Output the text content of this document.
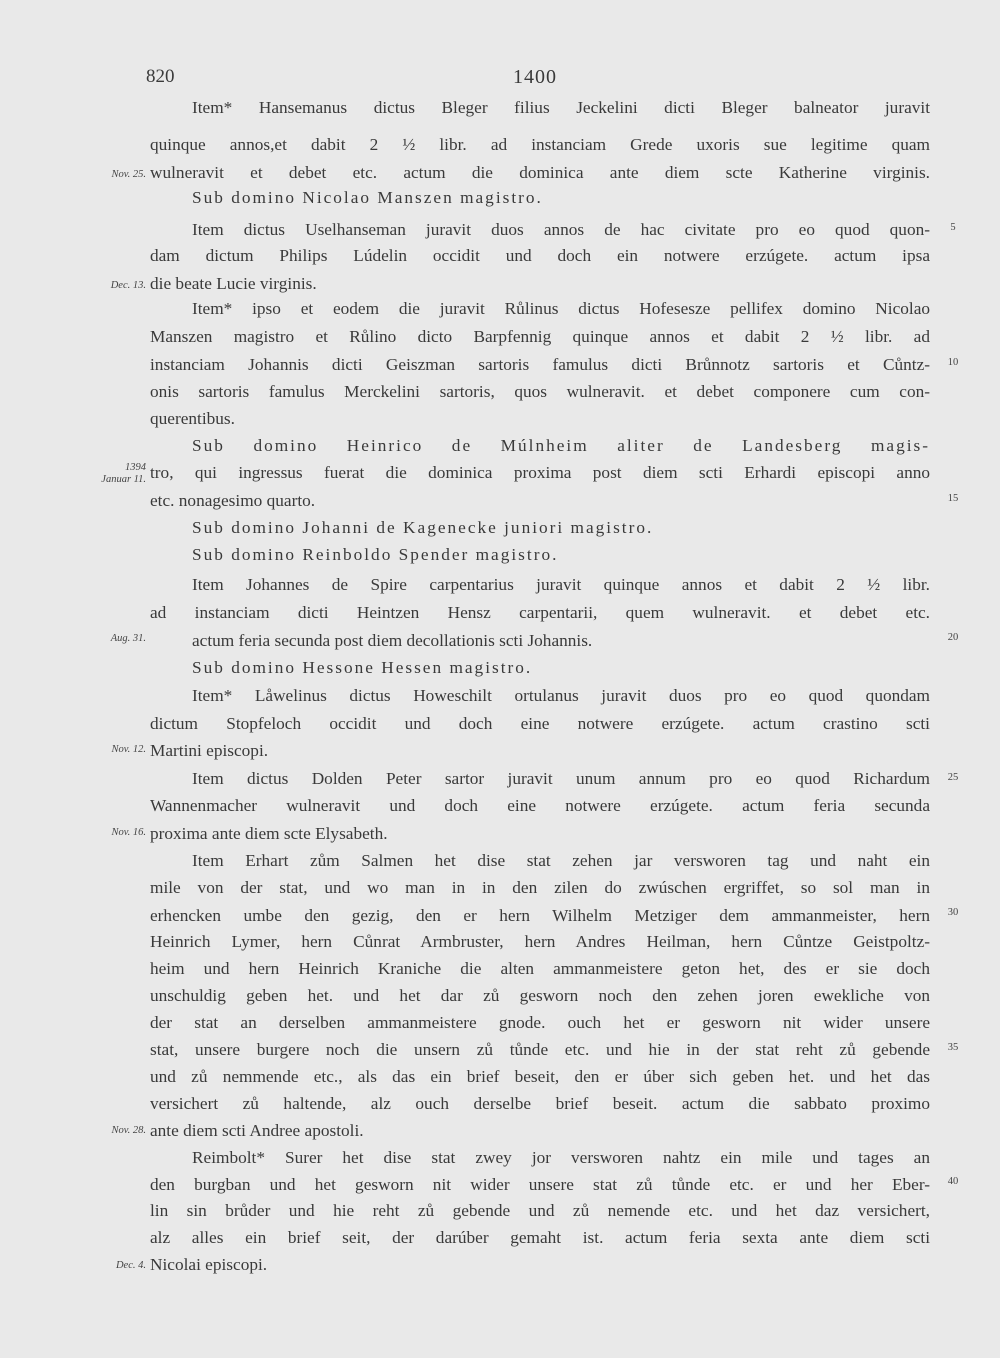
820	1400
Item* Hansemanus dictus Bleger filius Jeckelini dicti Bleger balneator juravit
quinque annos,et dabit 2 ½ libr. ad instanciam Grede uxoris sue legitime quam
wulneravit et debet etc. actum die dominica ante diem scte Katherine virginis.
Sub domino Nicolao Manszen magistro.
Item dictus Uselhanseman juravit duos annos de hac civitate pro eo quod quon-
dam dictum Philips Lúdelin occidit und doch ein notwere erzúgete. actum ipsa
die beate Lucie virginis.
Item* ipso et eodem die juravit Růlinus dictus Hofesesze pellifex domino Nicolao
Manszen magistro et Růlino dicto Barpfennig quinque annos et dabit 2 ½ libr. ad
instanciam Johannis dicti Geiszman sartoris famulus dicti Brůnnotz sartoris et Cůntz-
onis sartoris famulus Merckelini sartoris, quos wulneravit. et debet componere cum con-
querentibus.
Sub domino Heinrico de Múlnheim aliter de Landesberg magis-
tro, qui ingressus fuerat die dominica proxima post diem scti Erhardi episcopi anno
etc. nonagesimo quarto.
Sub domino Johanni de Kagenecke juniori magistro.
Sub domino Reinboldo Spender magistro.
Item Johannes de Spire carpentarius juravit quinque annos et dabit 2 ½ libr.
ad instanciam dicti Heintzen Hensz carpentarii, quem wulneravit. et debet etc.
actum feria secunda post diem decollationis scti Johannis.
Sub domino Hessone Hessen magistro.
Item* Låwelinus dictus Howeschilt ortulanus juravit duos pro eo quod quondam
dictum Stopfeloch occidit und doch eine notwere erzúgete. actum crastino scti
Martini episcopi.
Item dictus Dolden Peter sartor juravit unum annum pro eo quod Richardum
Wannenmacher wulneravit und doch eine notwere erzúgete. actum feria secunda
proxima ante diem scte Elysabeth.
Item Erhart zům Salmen het dise stat zehen jar versworen tag und naht ein
mile von der stat, und wo man in in den zilen do zwúschen ergriffet, so sol man in
erhencken umbe den gezig, den er hern Wilhelm Metziger dem ammanmeister, hern
Heinrich Lymer, hern Cůnrat Armbruster, hern Andres Heilman, hern Cůntze Geistpoltz-
heim und hern Heinrich Kraniche die alten ammanmeistere geton het, des er sie doch
unschuldig geben het. und het dar zů gesworn noch den zehen joren ewekliche von
der stat an derselben ammanmeistere gnode. ouch het er gesworn nit wider unsere
stat, unsere burgere noch die unsern zů tůnde etc. und hie in der stat reht zů gebende
und zů nemmende etc., als das ein brief beseit, den er úber sich geben het. und het das
versichert zů haltende, alz ouch derselbe brief beseit. actum die sabbato proximo
ante diem scti Andree apostoli.
Reimbolt* Surer het dise stat zwey jor versworen nahtz ein mile und tages an
den burgban und het gesworn nit wider unsere stat zů tůnde etc. er und her Eber-
lin sin brůder und hie reht zů gebende und zů nemende etc. und het daz versichert,
alz alles ein brief seit, der darúber gemaht ist. actum feria sexta ante diem scti
Nicolai episcopi.
Nov. 25.
Dec. 13.
1394
Januar 11.
Aug. 31.
Nov. 12.
Nov. 16.
Nov. 28.
Dec. 4.
5
10
15
20
25
30
35
40
